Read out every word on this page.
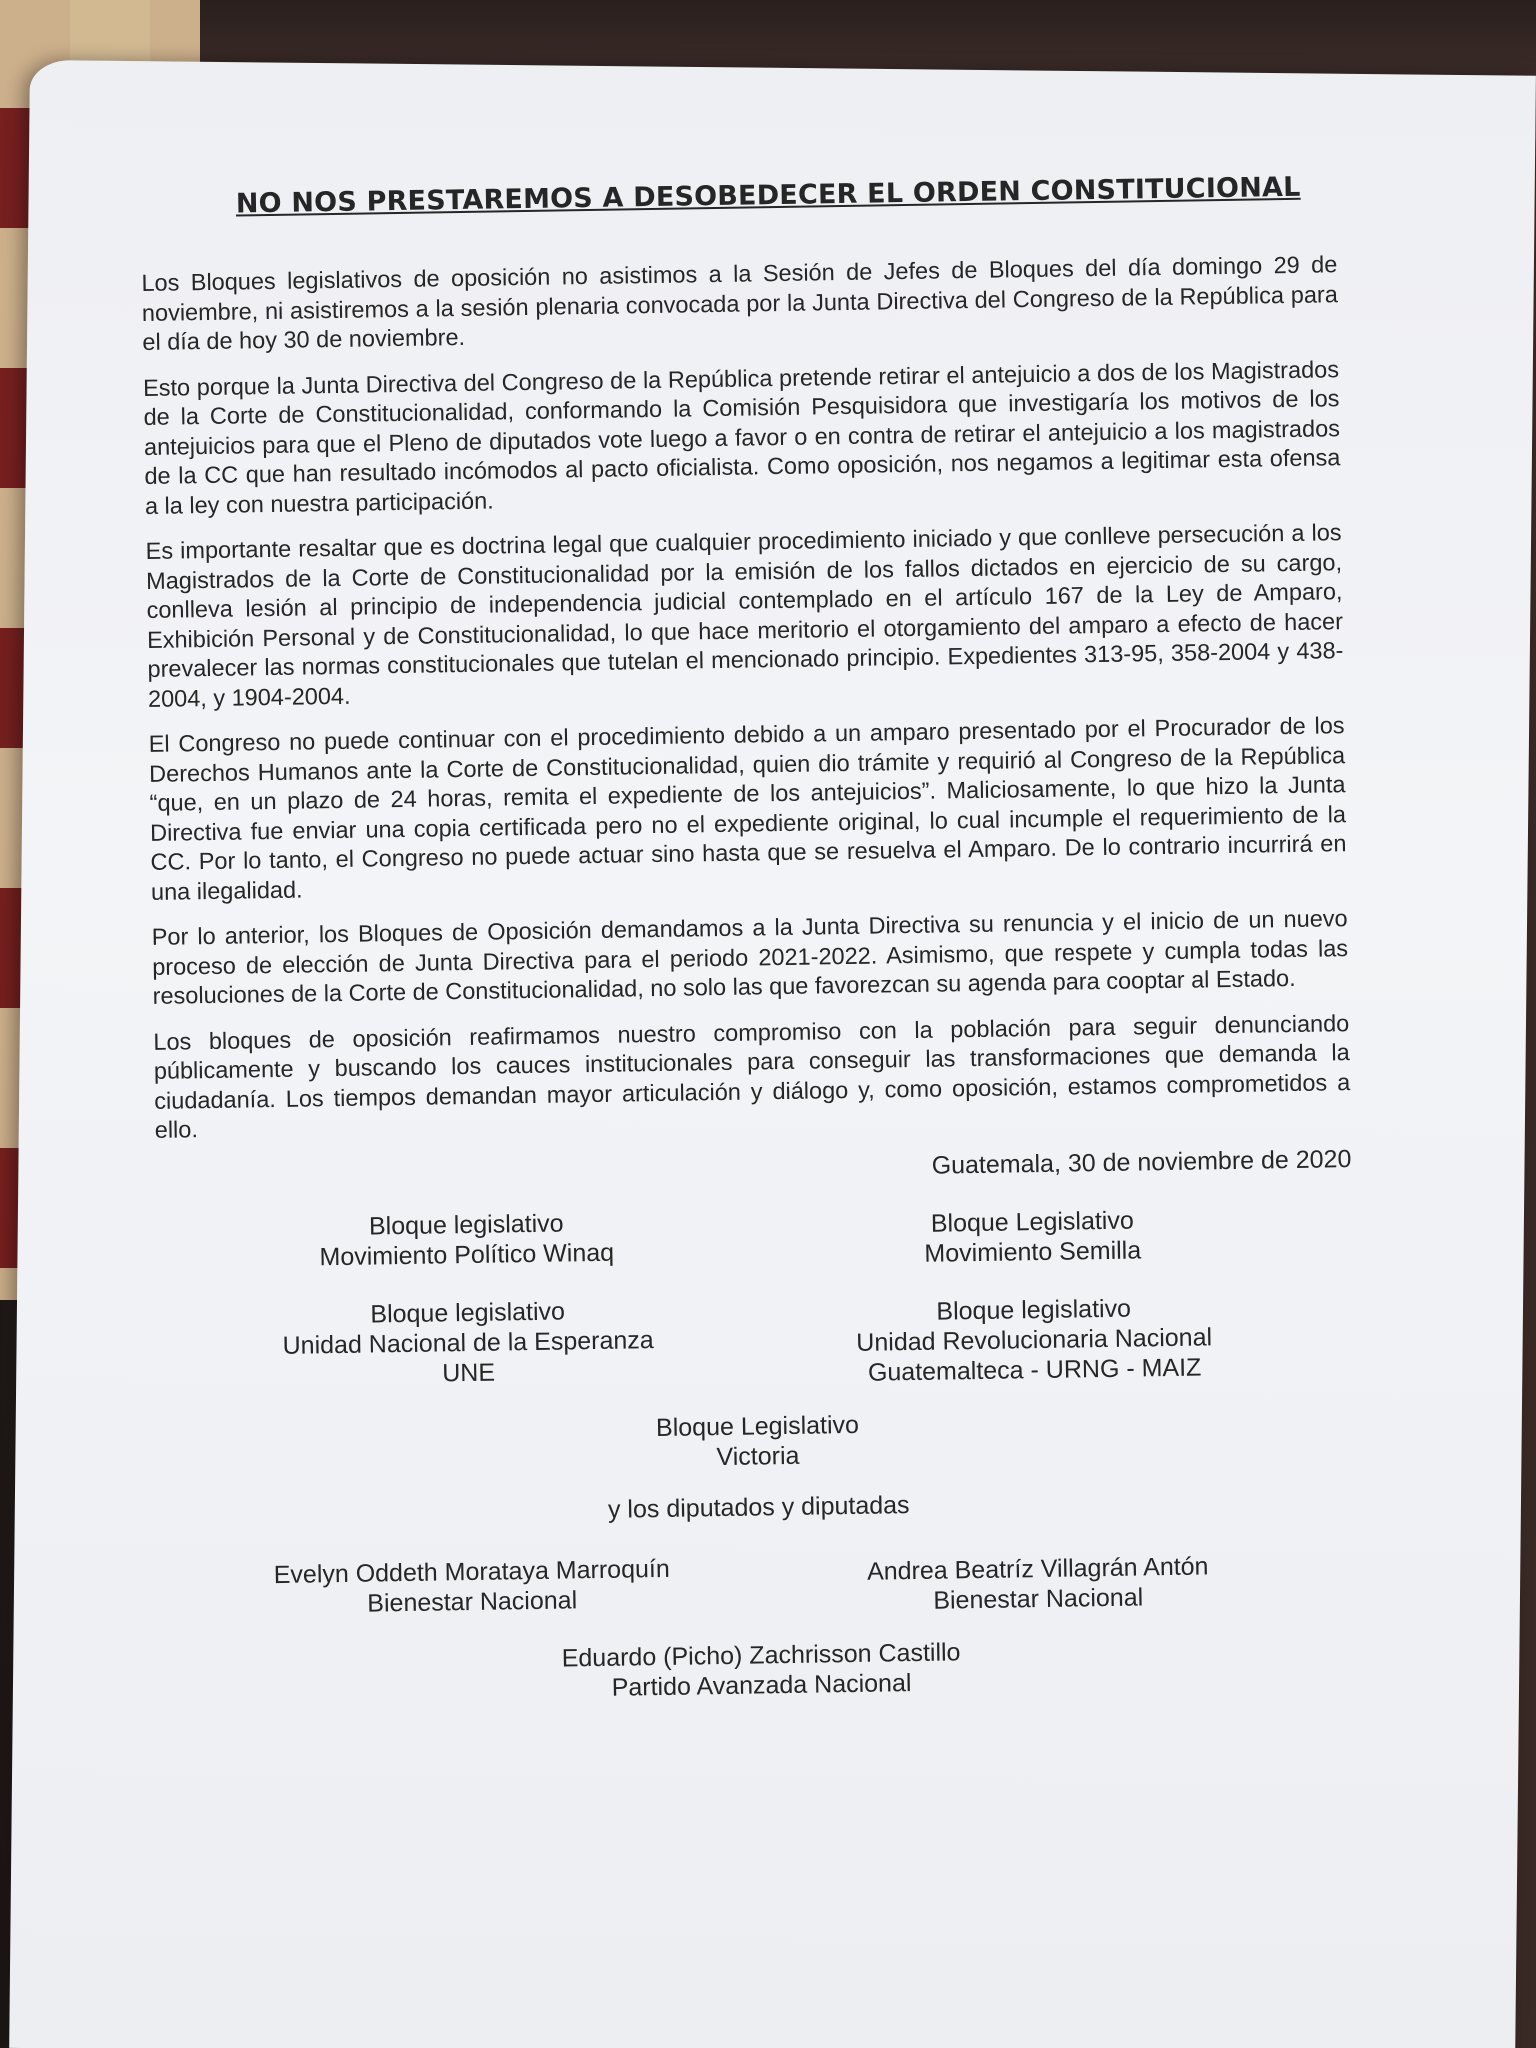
NO NOS PRESTAREMOS A DESOBEDECER EL ORDEN CONSTITUCIONAL

Los Bloques legislativos de oposición no asistimos a la Sesión de Jefes de Bloques del día domingo 29 de noviembre, ni asistiremos a la sesión plenaria convocada por la Junta Directiva del Congreso de la República para el día de hoy 30 de noviembre.

Esto porque la Junta Directiva del Congreso de la República pretende retirar el antejuicio a dos de los Magistrados de la Corte de Constitucionalidad, conformando la Comisión Pesquisidora que investigaría los motivos de los antejuicios para que el Pleno de diputados vote luego a favor o en contra de retirar el antejuicio a los magistrados de la CC que han resultado incómodos al pacto oficialista. Como oposición, nos negamos a legitimar esta ofensa a la ley con nuestra participación.

Es importante resaltar que es doctrina legal que cualquier procedimiento iniciado y que conlleve persecución a los Magistrados de la Corte de Constitucionalidad por la emisión de los fallos dictados en ejercicio de su cargo, conlleva lesión al principio de independencia judicial contemplado en el artículo 167 de la Ley de Amparo, Exhibición Personal y de Constitucionalidad, lo que hace meritorio el otorgamiento del amparo a efecto de hacer prevalecer las normas constitucionales que tutelan el mencionado principio. Expedientes 313-95, 358-2004 y 438-2004, y 1904-2004.

El Congreso no puede continuar con el procedimiento debido a un amparo presentado por el Procurador de los Derechos Humanos ante la Corte de Constitucionalidad, quien dio trámite y requirió al Congreso de la República “que, en un plazo de 24 horas, remita el expediente de los antejuicios”. Maliciosamente, lo que hizo la Junta Directiva fue enviar una copia certificada pero no el expediente original, lo cual incumple el requerimiento de la CC. Por lo tanto, el Congreso no puede actuar sino hasta que se resuelva el Amparo. De lo contrario incurrirá en una ilegalidad.

Por lo anterior, los Bloques de Oposición demandamos a la Junta Directiva su renuncia y el inicio de un nuevo proceso de elección de Junta Directiva para el periodo 2021-2022. Asimismo, que respete y cumpla todas las resoluciones de la Corte de Constitucionalidad, no solo las que favorezcan su agenda para cooptar al Estado.

Los bloques de oposición reafirmamos nuestro compromiso con la población para seguir denunciando públicamente y buscando los cauces institucionales para conseguir las transformaciones que demanda la ciudadanía. Los tiempos demandan mayor articulación y diálogo y, como oposición, estamos comprometidos a ello.

Guatemala, 30 de noviembre de 2020
Bloque legislativo
Movimiento Político Winaq
Bloque Legislativo
Movimiento Semilla
Bloque legislativo
Unidad Nacional de la Esperanza
UNE
Bloque legislativo
Unidad Revolucionaria Nacional
Guatemalteca - URNG - MAIZ
Bloque Legislativo
Victoria
y los diputados y diputadas
Evelyn Oddeth Morataya Marroquín
Bienestar Nacional
Andrea Beatríz Villagrán Antón
Bienestar Nacional
Eduardo (Picho) Zachrisson Castillo
Partido Avanzada Nacional
